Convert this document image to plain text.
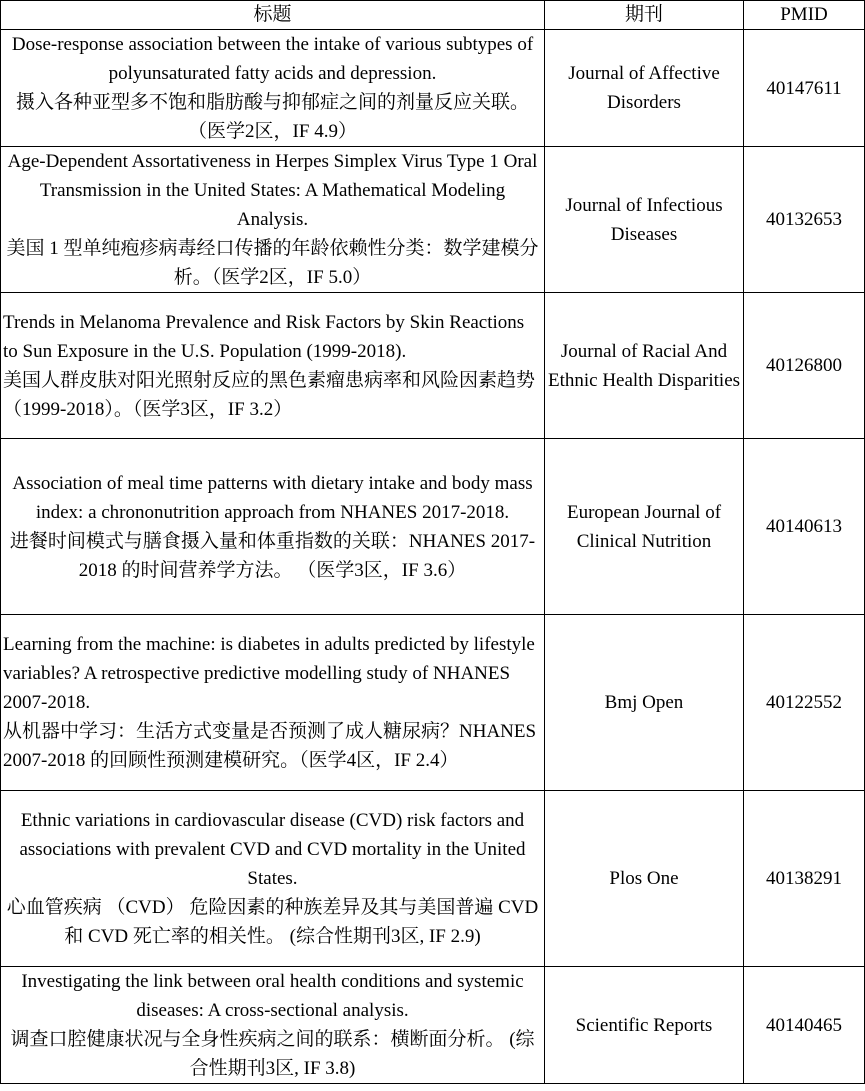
标题	期刊	PMID

Dose-response association between the intake of various subtypes of polyunsaturated fatty acids and depression.
摄入各种亚型多不饱和脂肪酸与抑郁症之间的剂量反应关联。（医学2区，IF 4.9）	Journal of Affective Disorders	40147611

Age-Dependent Assortativeness in Herpes Simplex Virus Type 1 Oral Transmission in the United States: A Mathematical Modeling Analysis.
美国 1 型单纯疱疹病毒经口传播的年龄依赖性分类：数学建模分析。（医学2区，IF 5.0）	Journal of Infectious Diseases	40132653

Trends in Melanoma Prevalence and Risk Factors by Skin Reactions to Sun Exposure in the U.S. Population (1999-2018).
美国人群皮肤对阳光照射反应的黑色素瘤患病率和风险因素趋势（1999-2018）。（医学3区，IF 3.2）	Journal of Racial And Ethnic Health Disparities	40126800

Association of meal time patterns with dietary intake and body mass index: a chrononutrition approach from NHANES 2017-2018.
进餐时间模式与膳食摄入量和体重指数的关联：NHANES 2017-2018 的时间营养学方法。 （医学3区，IF 3.6）	European Journal of Clinical Nutrition	40140613

Learning from the machine: is diabetes in adults predicted by lifestyle variables? A retrospective predictive modelling study of NHANES 2007-2018.
从机器中学习：生活方式变量是否预测了成人糖尿病？NHANES 2007-2018 的回顾性预测建模研究。（医学4区，IF 2.4）	Bmj Open	40122552

Ethnic variations in cardiovascular disease (CVD) risk factors and associations with prevalent CVD and CVD mortality in the United States.
心血管疾病 （CVD） 危险因素的种族差异及其与美国普遍 CVD 和 CVD 死亡率的相关性。 (综合性期刊3区, IF 2.9)	Plos One	40138291

Investigating the link between oral health conditions and systemic diseases: A cross-sectional analysis.
调查口腔健康状况与全身性疾病之间的联系：横断面分析。 (综合性期刊3区, IF 3.8)	Scientific Reports	40140465
